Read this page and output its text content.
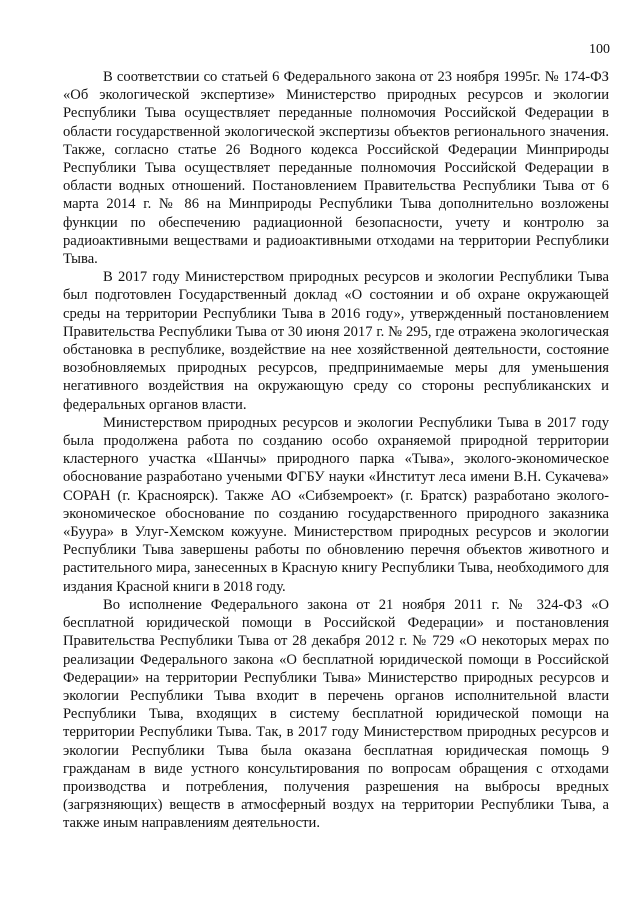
100

В соответствии со статьей 6 Федерального закона от 23 ноября 1995г. № 174-ФЗ «Об экологической экспертизе» Министерство природных ресурсов и экологии Республики Тыва осуществляет переданные полномочия Российской Федерации в области государственной экологической экспертизы объектов регионального значения. Также, согласно статье 26 Водного кодекса Российской Федерации Минприроды Республики Тыва осуществляет переданные полномочия Российской Федерации в области водных отношений. Постановлением Правительства Республики Тыва от 6 марта 2014 г. № 86 на Минприроды Республики Тыва дополнительно возложены функции по обеспечению радиационной безопасности, учету и контролю за радиоактивными веществами и радиоактивными отходами на территории Республики Тыва.

В 2017 году Министерством природных ресурсов и экологии Республики Тыва был подготовлен Государственный доклад «О состоянии и об охране окружающей среды на территории Республики Тыва в 2016 году», утвержденный постановлением Правительства Республики Тыва от 30 июня 2017 г. № 295, где отражена экологическая обстановка в республике, воздействие на нее хозяйственной деятельности, состояние возобновляемых природных ресурсов, предпринимаемые меры для уменьшения негативного воздействия на окружающую среду со стороны республиканских и федеральных органов власти.

Министерством природных ресурсов и экологии Республики Тыва в 2017 году была продолжена работа по созданию особо охраняемой природной территории кластерного участка «Шанчы» природного парка «Тыва», эколого-экономическое обоснование разработано учеными ФГБУ науки «Институт леса имени В.Н. Сукачева» СОРАН (г. Красноярск). Также АО «Сибземроект» (г. Братск) разработано эколого-экономическое обоснование по созданию государственного природного заказника «Буура» в Улуг-Хемском кожууне. Министерством природных ресурсов и экологии Республики Тыва завершены работы по обновлению перечня объектов животного и растительного мира, занесенных в Красную книгу Республики Тыва, необходимого для издания Красной книги в 2018 году.

Во исполнение Федерального закона от 21 ноября 2011 г. № 324-ФЗ «О бесплатной юридической помощи в Российской Федерации» и постановления Правительства Республики Тыва от 28 декабря 2012 г. № 729 «О некоторых мерах по реализации Федерального закона «О бесплатной юридической помощи в Российской Федерации» на территории Республики Тыва» Министерство природных ресурсов и экологии Республики Тыва входит в перечень органов исполнительной власти Республики Тыва, входящих в систему бесплатной юридической помощи на территории Республики Тыва. Так, в 2017 году Министерством природных ресурсов и экологии Республики Тыва была оказана бесплатная юридическая помощь 9 гражданам в виде устного консультирования по вопросам обращения с отходами производства и потребления, получения разрешения на выбросы вредных (загрязняющих) веществ в атмосферный воздух на территории Республики Тыва, а также иным направлениям деятельности.
